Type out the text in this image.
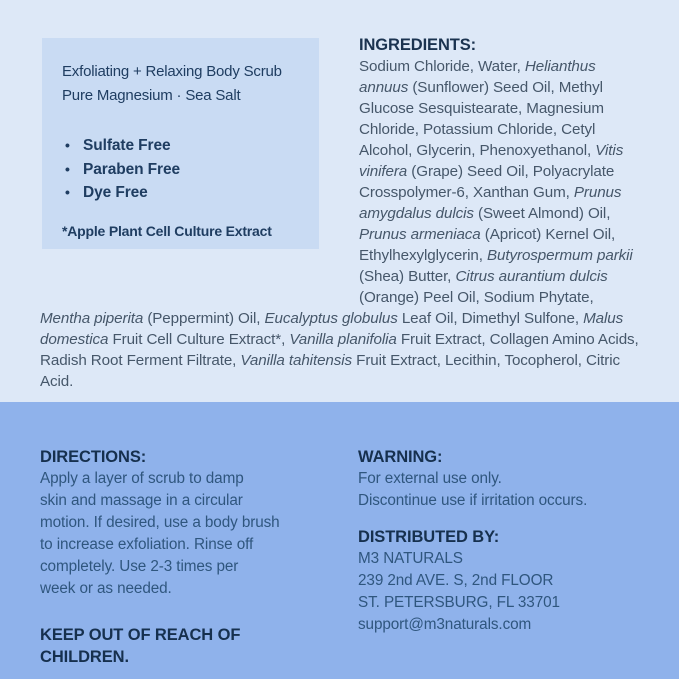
Exfoliating + Relaxing Body Scrub
Pure Magnesium · Sea Salt
• Sulfate Free
• Paraben Free
• Dye Free
*Apple Plant Cell Culture Extract
INGREDIENTS:

Sodium Chloride, Water, Helianthus annuus (Sunflower) Seed Oil, Methyl Glucose Sesquistearate, Magnesium Chloride, Potassium Chloride, Cetyl Alcohol, Glycerin, Phenoxyethanol, Vitis vinifera (Grape) Seed Oil, Polyacrylate Crosspolymer-6, Xanthan Gum, Prunus amygdalus dulcis (Sweet Almond) Oil, Prunus armeniaca (Apricot) Kernel Oil, Ethylhexylglycerin, Butyrospermum parkii (Shea) Butter, Citrus aurantium dulcis (Orange) Peel Oil, Sodium Phytate, Mentha piperita (Peppermint) Oil, Eucalyptus globulus Leaf Oil, Dimethyl Sulfone, Malus domestica Fruit Cell Culture Extract*, Vanilla planifolia Fruit Extract, Collagen Amino Acids, Radish Root Ferment Filtrate, Vanilla tahitensis Fruit Extract, Lecithin, Tocopherol, Citric Acid.

DIRECTIONS:
Apply a layer of scrub to damp
skin and massage in a circular
motion. If desired, use a body brush
to increase exfoliation. Rinse off
completely. Use 2-3 times per
week or as needed.
KEEP OUT OF REACH OF
CHILDREN.
WARNING:
For external use only.
Discontinue use if irritation occurs.
DISTRIBUTED BY:
M3 NATURALS
239 2nd AVE. S, 2nd FLOOR
ST. PETERSBURG, FL 33701
support@m3naturals.com
